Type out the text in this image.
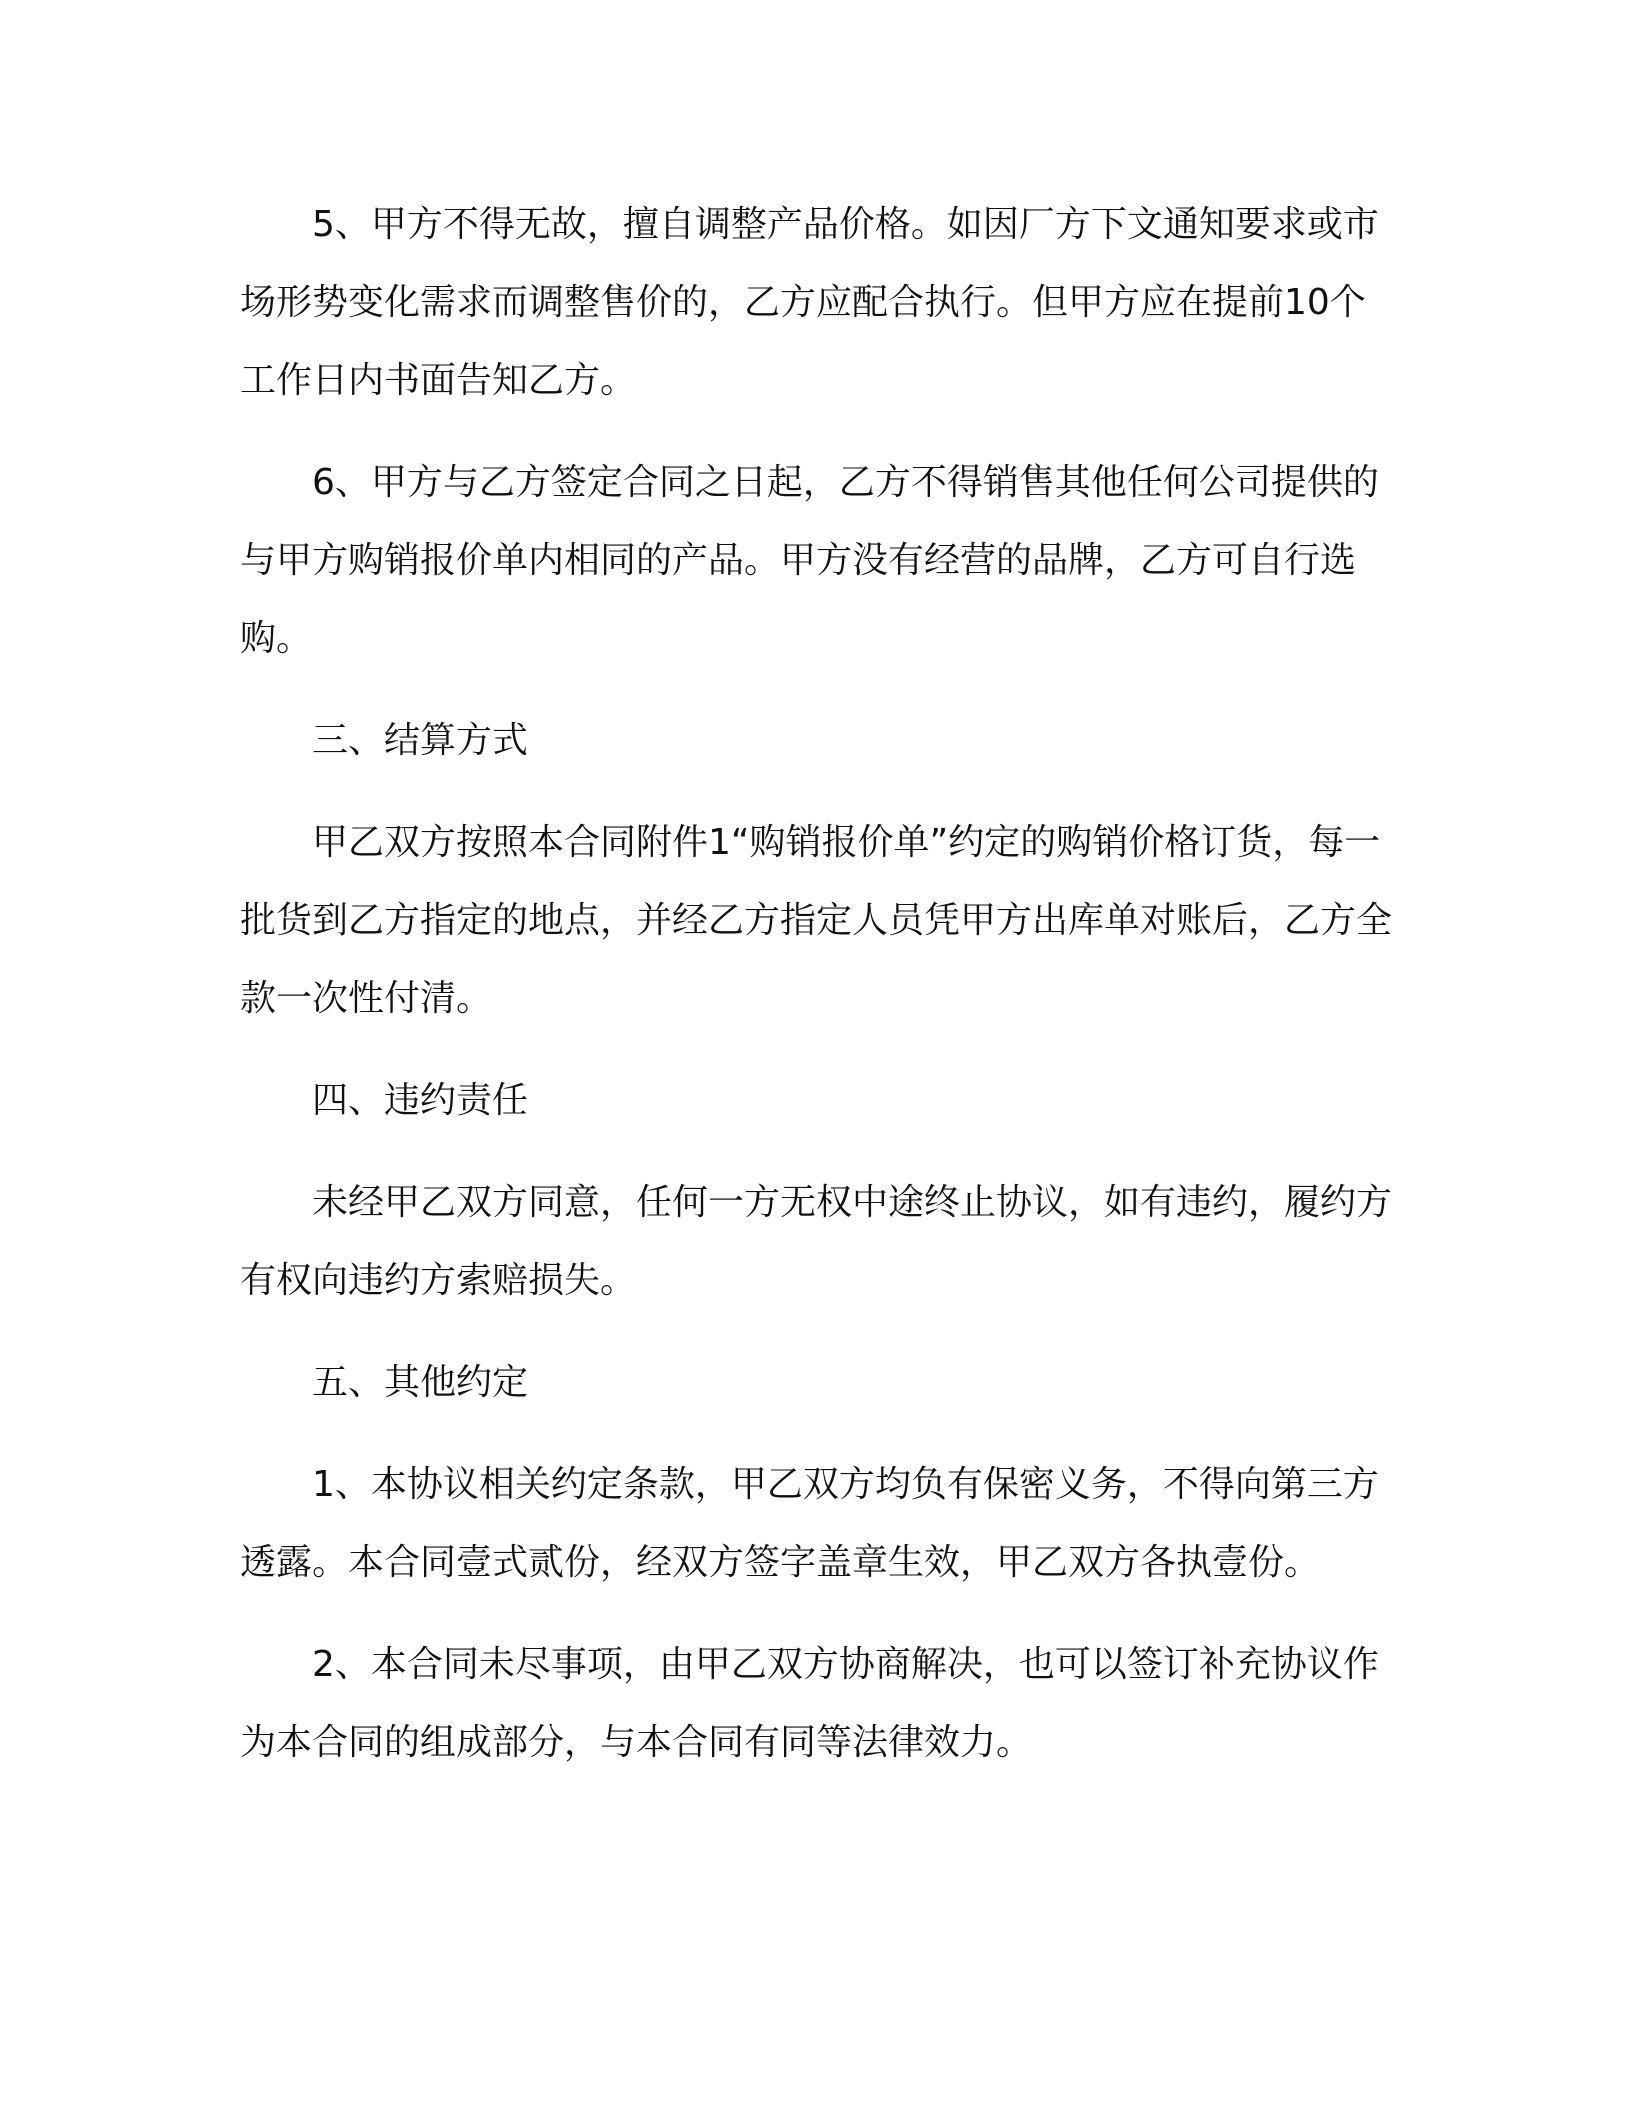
5、甲方不得无故，擅自调整产品价格。如因厂方下文通知要求或市场形势变化需求而调整售价的，乙方应配合执行。但甲方应在提前10个工作日内书面告知乙方。

6、甲方与乙方签定合同之日起，乙方不得销售其他任何公司提供的与甲方购销报价单内相同的产品。甲方没有经营的品牌，乙方可自行选购。

三、结算方式

甲乙双方按照本合同附件1“购销报价单”约定的购销价格订货，每一批货到乙方指定的地点，并经乙方指定人员凭甲方出库单对账后，乙方全款一次性付清。

四、违约责任

未经甲乙双方同意，任何一方无权中途终止协议，如有违约，履约方有权向违约方索赔损失。

五、其他约定

1、本协议相关约定条款，甲乙双方均负有保密义务，不得向第三方透露。本合同壹式贰份，经双方签字盖章生效，甲乙双方各执壹份。

2、本合同未尽事项，由甲乙双方协商解决，也可以签订补充协议作为本合同的组成部分，与本合同有同等法律效力。
